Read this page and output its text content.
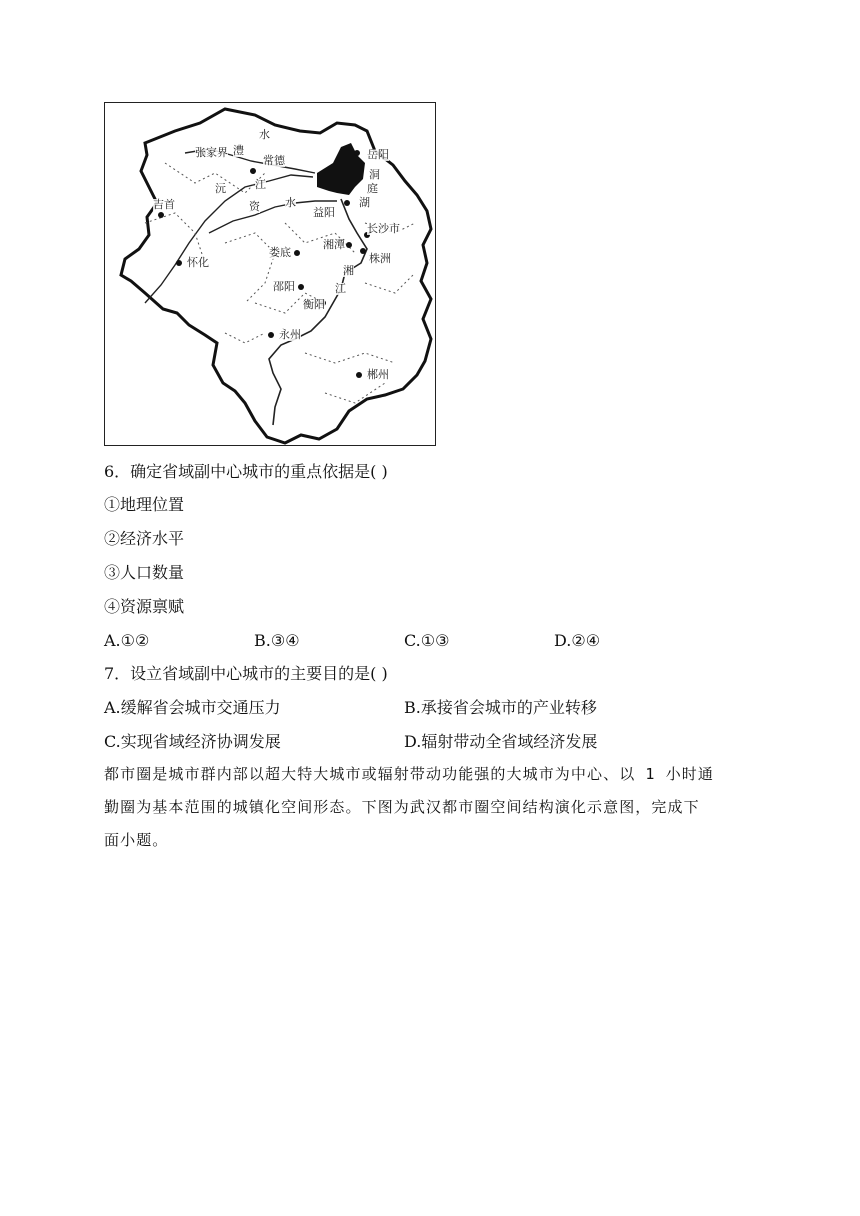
岳阳
张家界
常德
吉首
益阳
长沙市
湘潭
株洲
娄底
怀化
邵阳
衡阳
永州
郴州
澧
水
沅	江
资 水
洞
庭
湖
湘
江
6．确定省域副中心城市的重点依据是( )
①地理位置
②经济水平
③人口数量
④资源禀赋
A.①②	B.③④	C.①③	D.②④
7．设立省域副中心城市的主要目的是( )
A.缓解省会城市交通压力	B.承接省会城市的产业转移
C.实现省域经济协调发展	D.辐射带动全省域经济发展
都市圈是城市群内部以超大特大城市或辐射带动功能强的大城市为中心、以 1 小时通
勤圈为基本范围的城镇化空间形态。下图为武汉都市圈空间结构演化示意图，完成下
面小题。
